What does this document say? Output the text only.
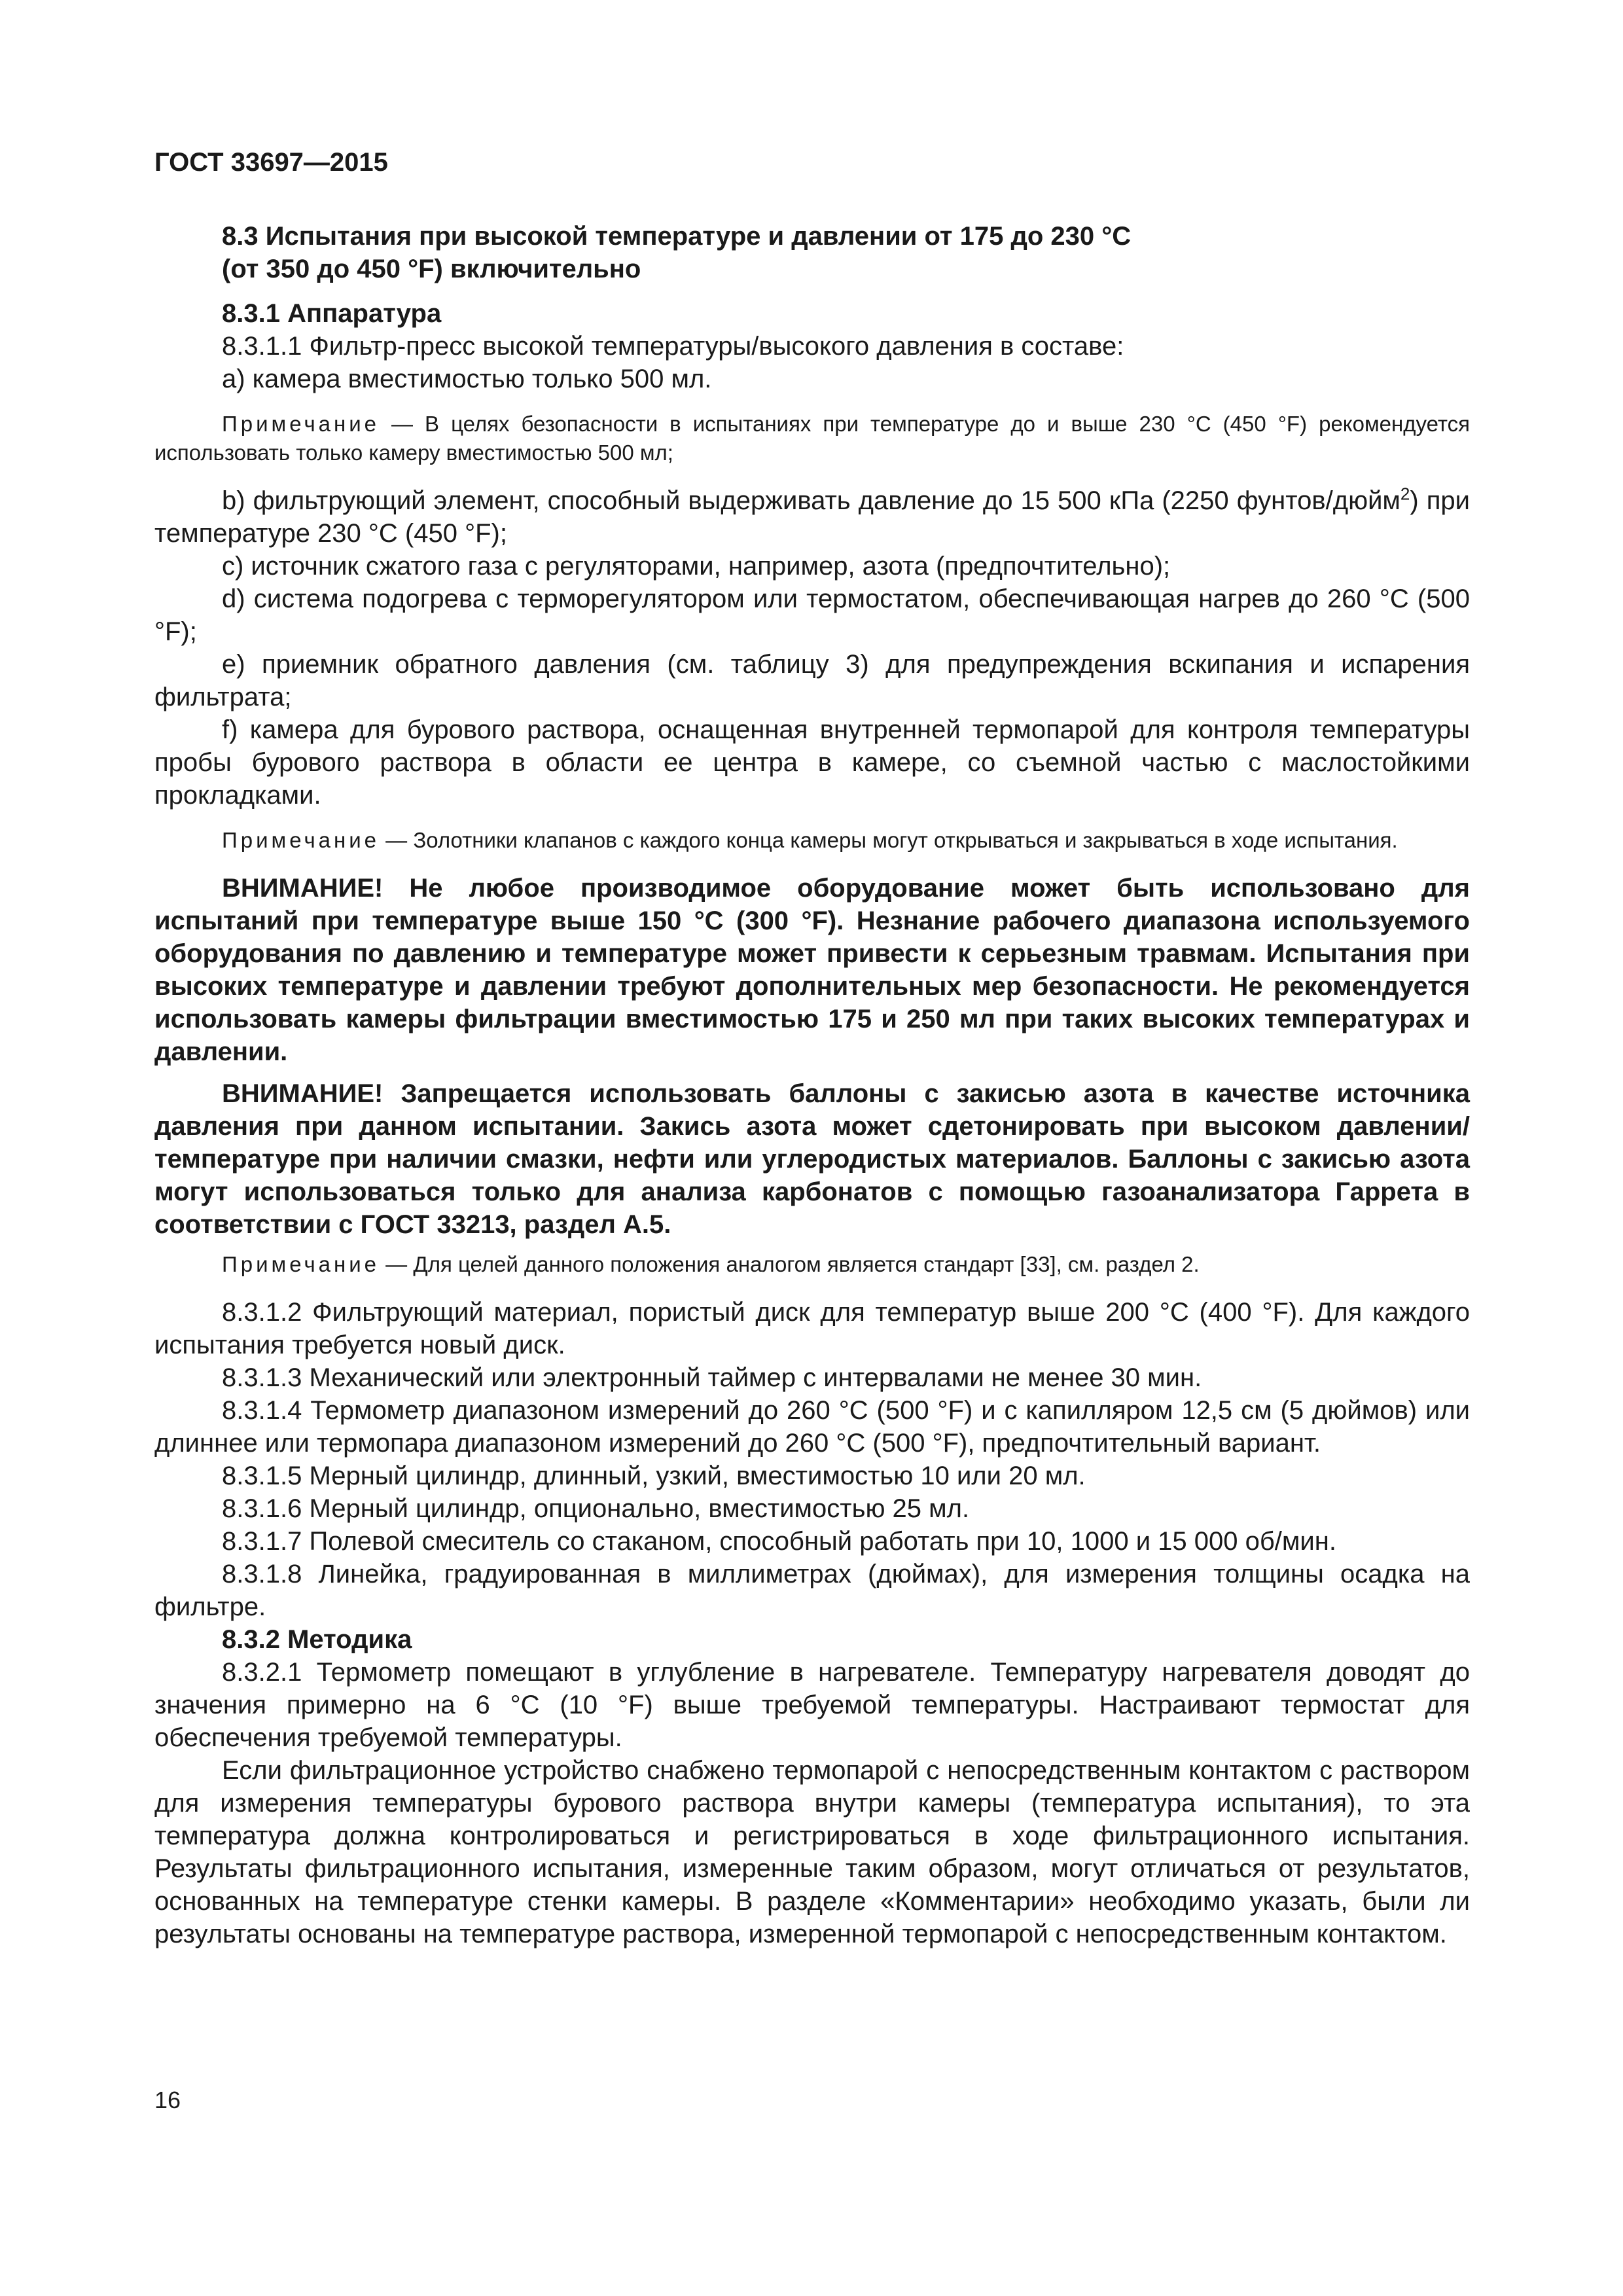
ГОСТ 33697—2015

8.3 Испытания при высокой температуре и давлении от 175 до 230 °С

(от 350 до 450 °F) включительно

8.3.1 Аппаратура

8.3.1.1 Фильтр-пресс высокой температуры/высокого давления в составе:

а) камера вместимостью только 500 мл.

Примечание — В целях безопасности в испытаниях при температуре до и выше 230 °С (450 °F) рекомендуется использовать только камеру вместимостью 500 мл;

b) фильтрующий элемент, способный выдерживать давление до 15 500 кПа (2250 фунтов/дюйм$^2$) при температуре 230 °С (450 °F);

с) источник сжатого газа с регуляторами, например, азота (предпочтительно);

d) система подогрева с терморегулятором или термостатом, обеспечивающая нагрев до 260 °С (500 °F);

е) приемник обратного давления (см. таблицу 3) для предупреждения вскипания и испарения фильтрата;

f) камера для бурового раствора, оснащенная внутренней термопарой для контроля температуры пробы бурового раствора в области ее центра в камере, со съемной частью с маслостойкими прокладками.

Примечание — Золотники клапанов с каждого конца камеры могут открываться и закрываться в ходе испытания.

ВНИМАНИЕ! Не любое производимое оборудование может быть использовано для испытаний при температуре выше 150 °С (300 °F). Незнание рабочего диапазона используемого оборудования по давлению и температуре может привести к серьезным травмам. Испытания при высоких температуре и давлении требуют дополнительных мер безопасности. Не рекомендуется использовать камеры фильтрации вместимостью 175 и 250 мл при таких высоких температурах и давлении.

ВНИМАНИЕ! Запрещается использовать баллоны с закисью азота в качестве источника давления при данном испытании. Закись азота может сдетонировать при высоком давлении/ температуре при наличии смазки, нефти или углеродистых материалов. Баллоны с закисью азота могут использоваться только для анализа карбонатов с помощью газоанализатора Гаррета в соответствии с ГОСТ 33213, раздел А.5.

Примечание — Для целей данного положения аналогом является стандарт [33], см. раздел 2.

8.3.1.2 Фильтрующий материал, пористый диск для температур выше 200 °С (400 °F). Для каждого испытания требуется новый диск.

8.3.1.3 Механический или электронный таймер с интервалами не менее 30 мин.

8.3.1.4 Термометр диапазоном измерений до 260 °С (500 °F) и с капилляром 12,5 см (5 дюймов) или длиннее или термопара диапазоном измерений до 260 °С (500 °F), предпочтительный вариант.

8.3.1.5 Мерный цилиндр, длинный, узкий, вместимостью 10 или 20 мл.

8.3.1.6 Мерный цилиндр, опционально, вместимостью 25 мл.

8.3.1.7 Полевой смеситель со стаканом, способный работать при 10, 1000 и 15 000 об/мин.

8.3.1.8 Линейка, градуированная в миллиметрах (дюймах), для измерения толщины осадка на фильтре.

8.3.2 Методика

8.3.2.1 Термометр помещают в углубление в нагревателе. Температуру нагревателя доводят до значения примерно на 6 °С (10 °F) выше требуемой температуры. Настраивают термостат для обеспечения требуемой температуры.

Если фильтрационное устройство снабжено термопарой с непосредственным контактом с раствором для измерения температуры бурового раствора внутри камеры (температура испытания), то эта температура должна контролироваться и регистрироваться в ходе фильтрационного испытания. Результаты фильтрационного испытания, измеренные таким образом, могут отличаться от результатов, основанных на температуре стенки камеры. В разделе «Комментарии» необходимо указать, были ли результаты основаны на температуре раствора, измеренной термопарой с непосредственным контактом.

16
